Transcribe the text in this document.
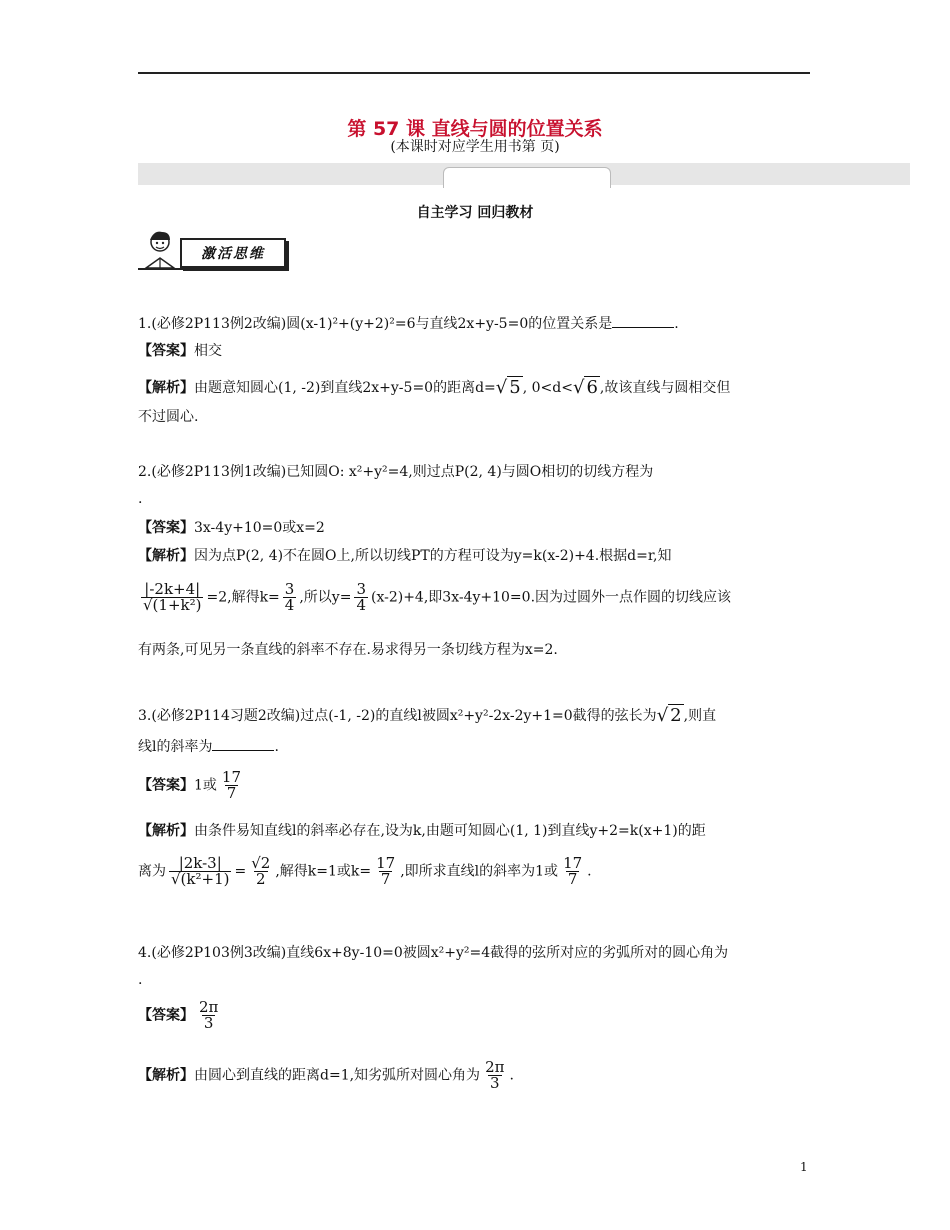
第 57 课 直线与圆的位置关系
(本课时对应学生用书第 页)
自主学习 回归教材
激活思维
1.(必修2P113例2改编)圆(x-1)²+(y+2)²=6与直线2x+y-5=0的位置关系是	.
【答案】相交
【解析】由题意知圆心(1, -2)到直线2x+y-5=0的距离d=√ 5 , 0<d<√ 6 ,故该直线与圆相交但
不过圆心.
2.(必修2P113例1改编)已知圆O: x²+y²=4,则过点P(2, 4)与圆O相切的切线方程为
.
【答案】3x-4y+10=0或x=2
【解析】因为点P(2, 4)不在圆O上,所以切线PT的方程可设为y=k(x-2)+4.根据d=r,知
$\frac{|-2k+4|}{\text{√(1+k²)}} =2$,解得$k= \frac{3}{4}$ ,所以$y= \frac{3}{4} (x-2)+4$,即3x-4y+10=0.因为过圆外一点作圆的切线应该
有两条,可见另一条直线的斜率不存在.易求得另一条切线方程为x=2.
3.(必修2P114习题2改编)过点(-1, -2)的直线l被圆x²+y²-2x-2y+1=0截得的弦长为√ 2 ,则直
线l的斜率为	.
【答案】1或 $\frac{17}{7}$
【解析】由条件易知直线l的斜率必存在,设为k,由题可知圆心(1, 1)到直线y+2=k(x+1)的距
离为 $\frac{|2k-3|}{\text{√(k²+1)}} = \frac{√2}{2}$ ,解得k=1或$k= \frac{17}{7}$ ,即所求直线l的斜率为1或 $\frac{17}{7}$ .
4.(必修2P103例3改编)直线6x+8y-10=0被圆x²+y²=4截得的弦所对应的劣弧所对的圆心角为
.
【答案】 $\frac{2\pi}{3}$
【解析】由圆心到直线的距离d=1,知劣弧所对圆心角为 $\frac{2\pi}{3}$ .
1
